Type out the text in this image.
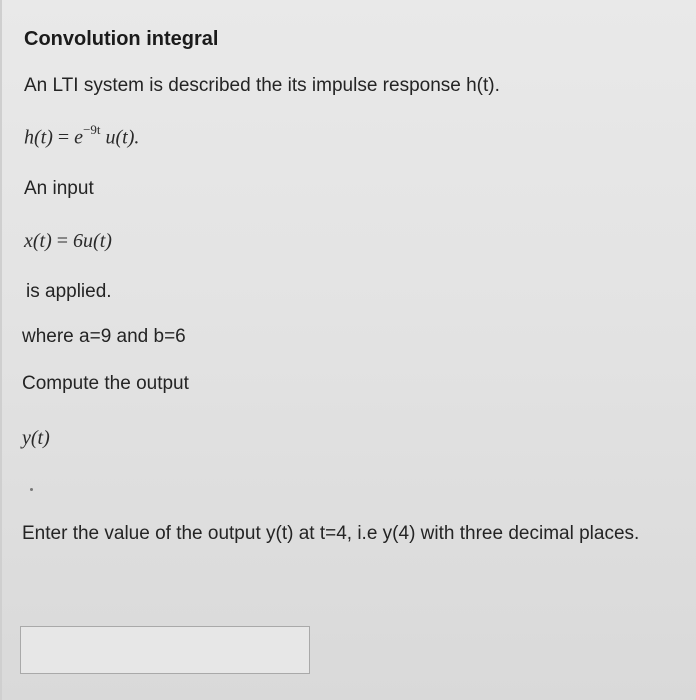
Convolution integral
An LTI system is described the its impulse response h(t).
$h(t) = e^{-9t}$ u(t).
An input
x(t) = 6u(t)
is applied.
where a=9 and b=6
Compute the output
y(t)
Enter the value of the output y(t) at t=4, i.e y(4) with three decimal places.
